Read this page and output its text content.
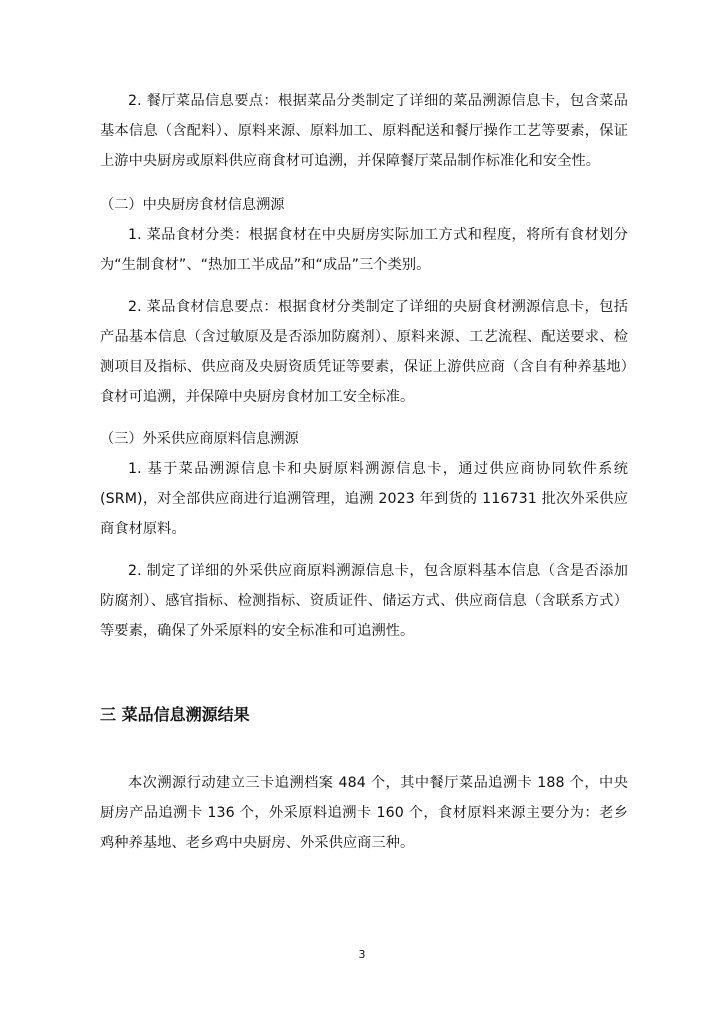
2. 餐厅菜品信息要点：根据菜品分类制定了详细的菜品溯源信息卡，包含菜品基本信息（含配料）、原料来源、原料加工、原料配送和餐厅操作工艺等要素，保证上游中央厨房或原料供应商食材可追溯，并保障餐厅菜品制作标准化和安全性。

（二）中央厨房食材信息溯源

1. 菜品食材分类：根据食材在中央厨房实际加工方式和程度，将所有食材划分为“生制食材”、“热加工半成品”和“成品”三个类别。

2. 菜品食材信息要点：根据食材分类制定了详细的央厨食材溯源信息卡，包括产品基本信息（含过敏原及是否添加防腐剂）、原料来源、工艺流程、配送要求、检测项目及指标、供应商及央厨资质凭证等要素，保证上游供应商（含自有种养基地）食材可追溯，并保障中央厨房食材加工安全标准。

（三）外采供应商原料信息溯源

1. 基于菜品溯源信息卡和央厨原料溯源信息卡，通过供应商协同软件系统(SRM)，对全部供应商进行追溯管理，追溯 2023 年到货的 116731 批次外采供应商食材原料。

2. 制定了详细的外采供应商原料溯源信息卡，包含原料基本信息（含是否添加防腐剂）、感官指标、检测指标、资质证件、储运方式、供应商信息（含联系方式）等要素，确保了外采原料的安全标准和可追溯性。

三 菜品信息溯源结果

本次溯源行动建立三卡追溯档案 484 个，其中餐厅菜品追溯卡 188 个，中央厨房产品追溯卡 136 个，外采原料追溯卡 160 个，食材原料来源主要分为：老乡鸡种养基地、老乡鸡中央厨房、外采供应商三种。

3
